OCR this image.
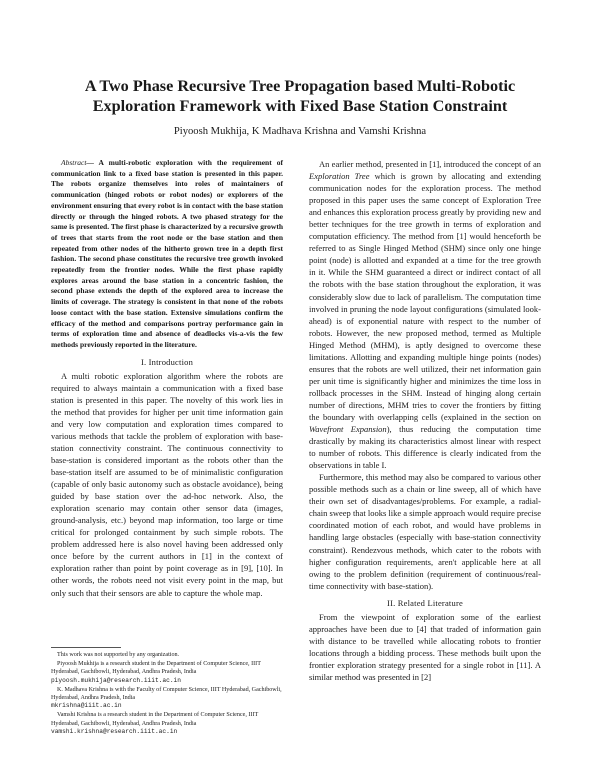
A Two Phase Recursive Tree Propagation based Multi-Robotic Exploration Framework with Fixed Base Station Constraint
Piyoosh Mukhija, K Madhava Krishna and Vamshi Krishna

Abstract— A multi-robotic exploration with the requirement of communication link to a fixed base station is presented in this paper. The robots organize themselves into roles of maintainers of communication (hinged robots or robot nodes) or explorers of the environment ensuring that every robot is in contact with the base station directly or through the hinged robots. A two phased strategy for the same is presented. The first phase is characterized by a recursive growth of trees that starts from the root node or the base station and then repeated from other nodes of the hitherto grown tree in a depth first fashion. The second phase constitutes the recursive tree growth invoked repeatedly from the frontier nodes. While the first phase rapidly explores areas around the base station in a concentric fashion, the second phase extends the depth of the explored area to increase the limits of coverage. The strategy is consistent in that none of the robots loose contact with the base station. Extensive simulations confirm the efficacy of the method and comparisons portray performance gain in terms of exploration time and absence of deadlocks vis-a-vis the few methods previously reported in the literature.

I. Introduction

A multi robotic exploration algorithm where the robots are required to always maintain a communication with a fixed base station is presented in this paper. The novelty of this work lies in the method that provides for higher per unit time information gain and very low computation and exploration times compared to various methods that tackle the problem of exploration with base-station connectivity constraint. The continuous connectivity to base-station is considered important as the robots other than the base-station itself are assumed to be of minimalistic configuration (capable of only basic autonomy such as obstacle avoidance), being guided by base station over the ad-hoc network. Also, the exploration scenario may contain other sensor data (images, ground-analysis, etc.) beyond map information, too large or time critical for prolonged containment by such simple robots. The problem addressed here is also novel having been addressed only once before by the current authors in [1] in the context of exploration rather than point by point coverage as in [9], [10]. In other words, the robots need not visit every point in the map, but only such that their sensors are able to capture the whole map.

An earlier method, presented in [1], introduced the concept of an Exploration Tree which is grown by allocating and extending communication nodes for the exploration process. The method proposed in this paper uses the same concept of Exploration Tree and enhances this exploration process greatly by providing new and better techniques for the tree growth in terms of exploration and computation efficiency. The method from [1] would henceforth be referred to as Single Hinged Method (SHM) since only one hinge point (node) is allotted and expanded at a time for the tree growth in it. While the SHM guaranteed a direct or indirect contact of all the robots with the base station throughout the exploration, it was considerably slow due to lack of parallelism. The computation time involved in pruning the node layout configurations (simulated look-ahead) is of exponential nature with respect to the number of robots. However, the new proposed method, termed as Multiple Hinged Method (MHM), is aptly designed to overcome these limitations. Allotting and expanding multiple hinge points (nodes) ensures that the robots are well utilized, their net information gain per unit time is significantly higher and minimizes the time loss in rollback processes in the SHM. Instead of hinging along certain number of directions, MHM tries to cover the frontiers by fitting the boundary with overlapping cells (explained in the section on Wavefront Expansion), thus reducing the computation time drastically by making its characteristics almost linear with respect to number of robots. This difference is clearly indicated from the observations in table I.

Furthermore, this method may also be compared to various other possible methods such as a chain or line sweep, all of which have their own set of disadvantages/problems. For example, a radial-chain sweep that looks like a simple approach would require precise coordinated motion of each robot, and would have problems in handling large obstacles (especially with base-station connectivity constraint). Rendezvous methods, which cater to the robots with higher configuration requirements, aren't applicable here at all owing to the problem definition (requirement of continuous/real-time connectivity with base-station).

II. Related Literature

From the viewpoint of exploration some of the earliest approaches have been due to [4] that traded of information gain with distance to be travelled while allocating robots to frontier locations through a bidding process. These methods built upon the frontier exploration strategy presented for a single robot in [11]. A similar method was presented in [2]

This work was not supported by any organization.
Piyoosh Mukhija is a research student in the Department of Computer Science, IIIT Hyderabad, Gachibowli, Hyderabad, Andhra Pradesh, India
piyoosh.mukhija@research.iiit.ac.in
K. Madhava Krishna is with the Faculty of Computer Science, IIIT Hyderabad, Gachibowli, Hyderabad, Andhra Pradesh, India
mkrishna@iiit.ac.in
Vamshi Krishna is a research student in the Department of Computer Science, IIIT Hyderabad, Gachibowli, Hyderabad, Andhra Pradesh, India
vamshi.krishna@research.iiit.ac.in
